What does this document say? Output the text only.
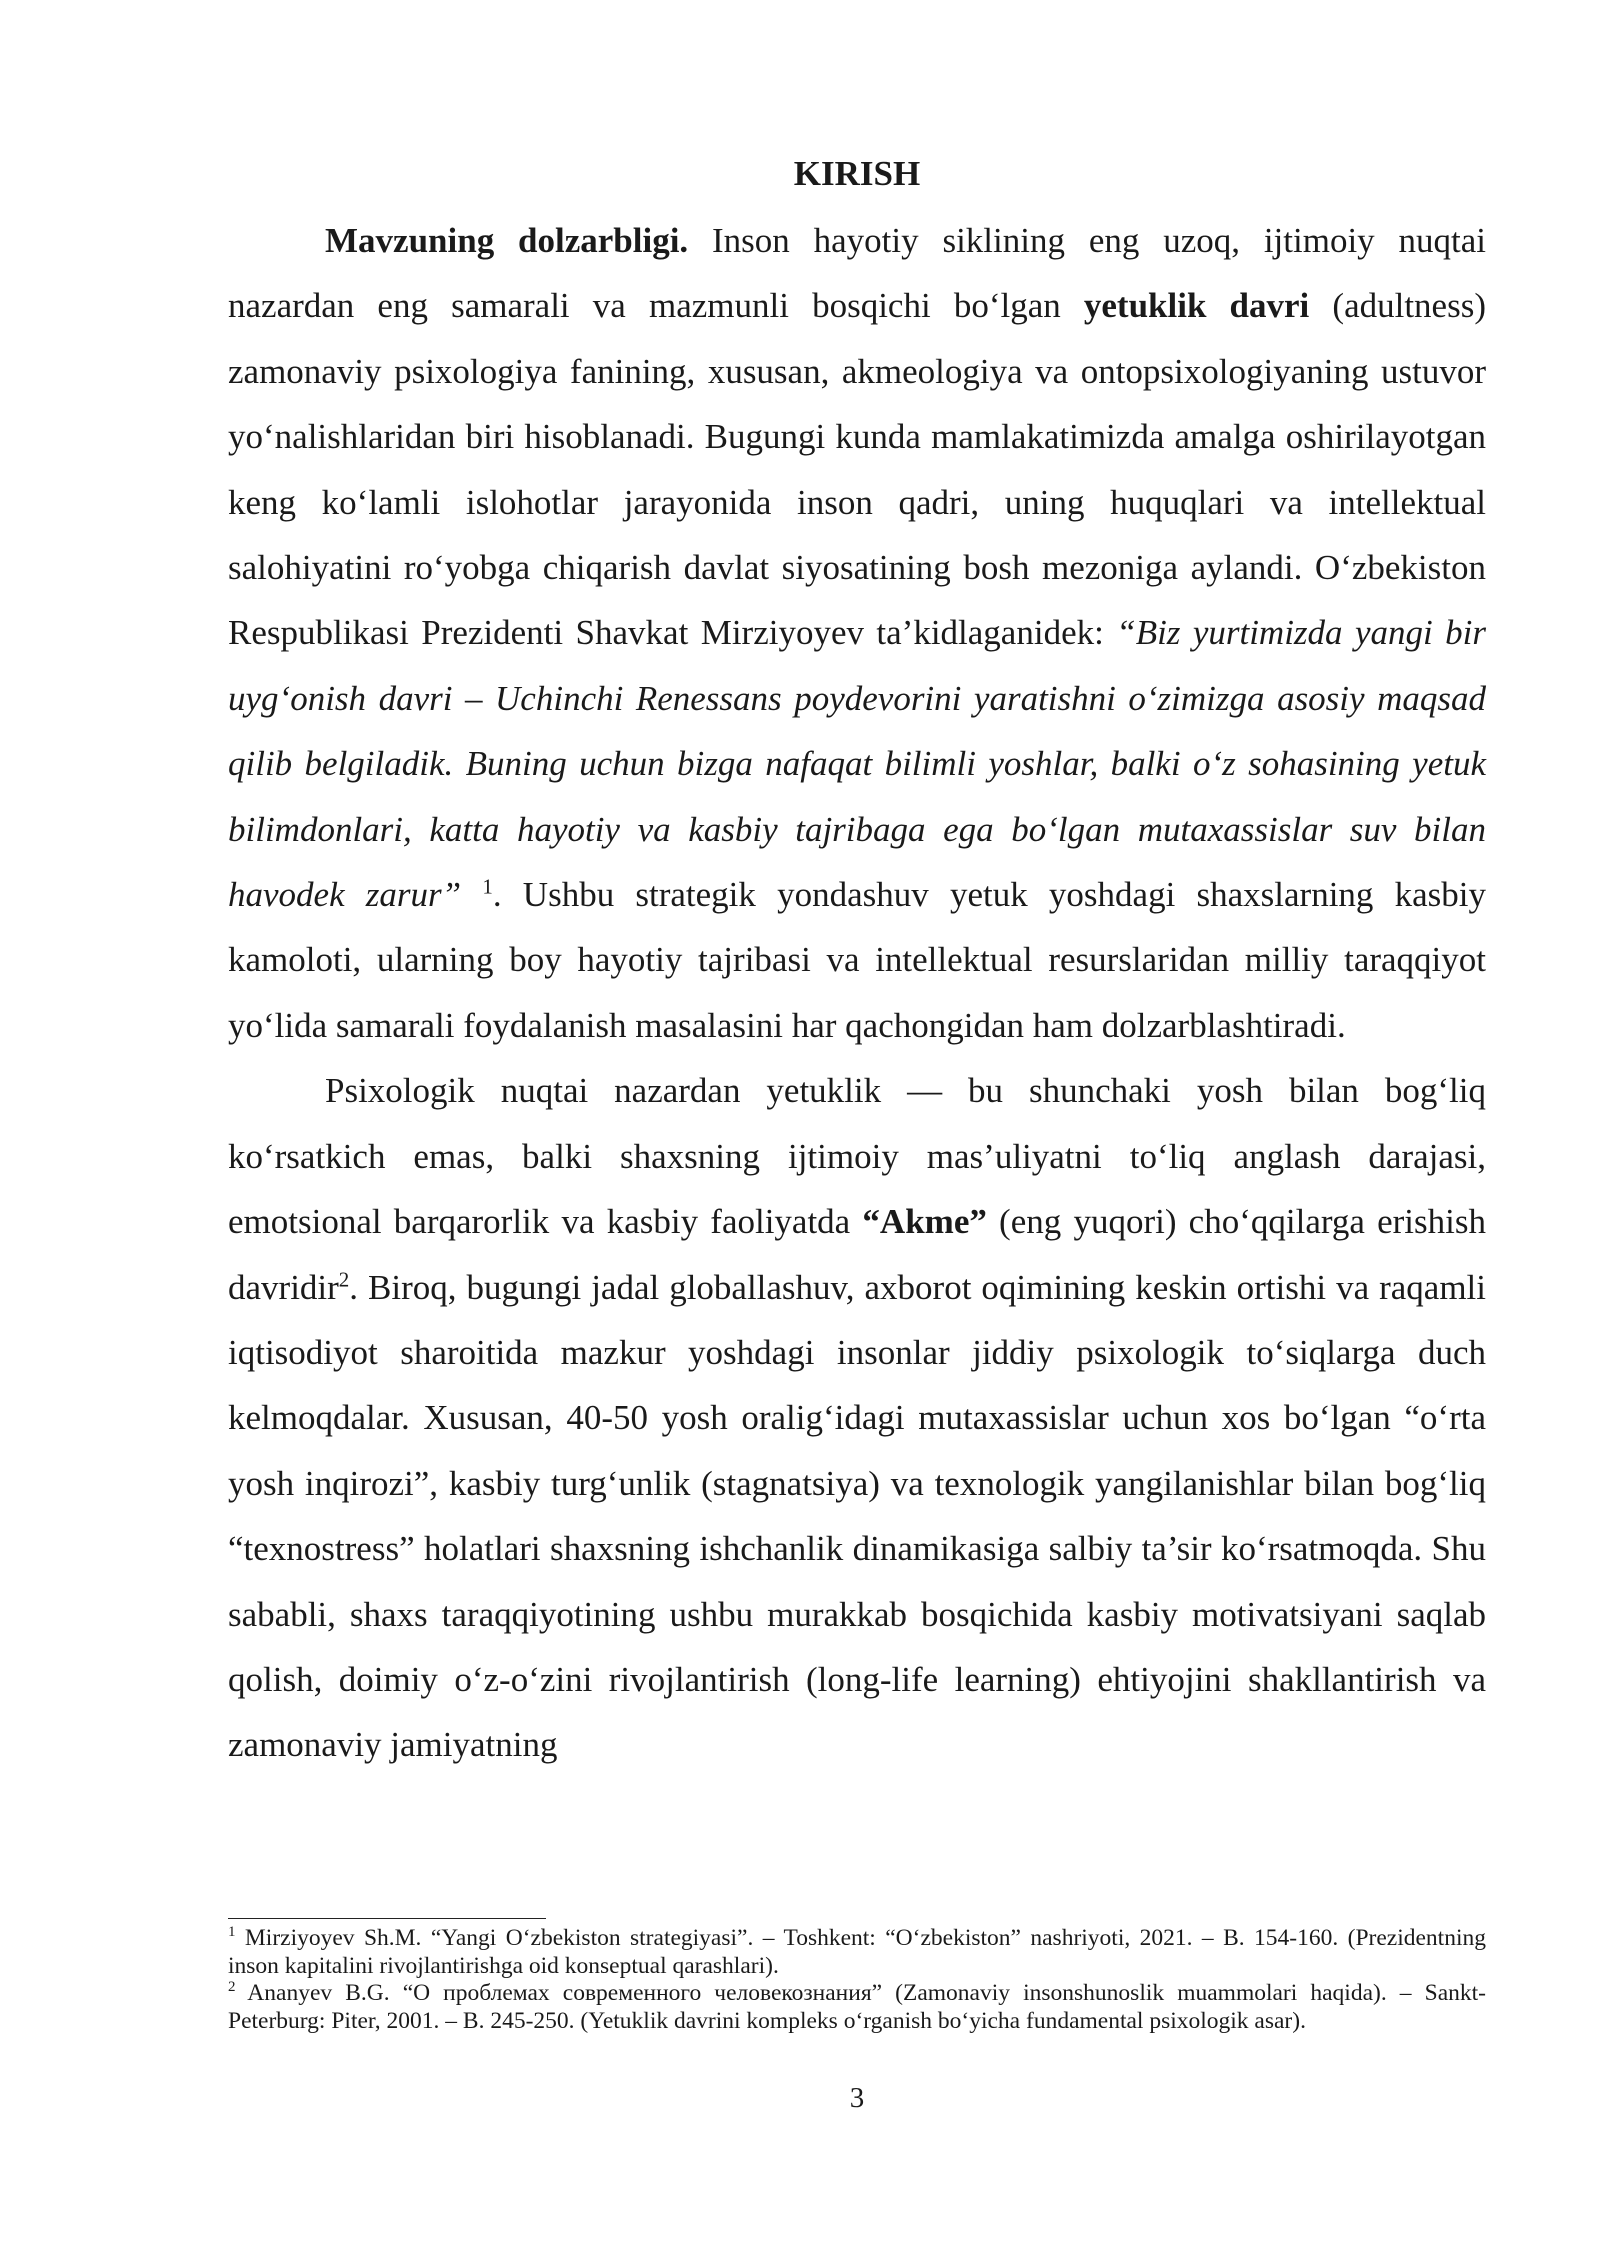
KIRISH

Mavzuning dolzarbligi. Inson hayotiy siklining eng uzoq, ijtimoiy nuqtai nazardan eng samarali va mazmunli bosqichi bo‘lgan yetuklik davri (adultness) zamonaviy psixologiya fanining, xususan, akmeologiya va ontopsixologiyaning ustuvor yo‘nalishlaridan biri hisoblanadi. Bugungi kunda mamlakatimizda amalga oshirilayotgan keng ko‘lamli islohotlar jarayonida inson qadri, uning huquqlari va intellektual salohiyatini ro‘yobga chiqarish davlat siyosatining bosh mezoniga aylandi. O‘zbekiston Respublikasi Prezidenti Shavkat Mirziyoyev ta’kidlaganidek: “Biz yurtimizda yangi bir uyg‘onish davri – Uchinchi Renessans poydevorini yaratishni o‘zimizga asosiy maqsad qilib belgiladik. Buning uchun bizga nafaqat bilimli yoshlar, balki o‘z sohasining yetuk bilimdonlari, katta hayotiy va kasbiy tajribaga ega bo‘lgan mutaxassislar suv bilan havodek zarur” $^1$. Ushbu strategik yondashuv yetuk yoshdagi shaxslarning kasbiy kamoloti, ularning boy hayotiy tajribasi va intellektual resurslaridan milliy taraqqiyot yo‘lida samarali foydalanish masalasini har qachongidan ham dolzarblashtiradi.

Psixologik nuqtai nazardan yetuklik — bu shunchaki yosh bilan bog‘liq ko‘rsatkich emas, balki shaxsning ijtimoiy mas’uliyatni to‘liq anglash darajasi, emotsional barqarorlik va kasbiy faoliyatda “Akme” (eng yuqori) cho‘qqilarga erishish davridir$^2$. Biroq, bugungi jadal globallashuv, axborot oqimining keskin ortishi va raqamli iqtisodiyot sharoitida mazkur yoshdagi insonlar jiddiy psixologik to‘siqlarga duch kelmoqdalar. Xususan, 40-50 yosh oralig‘idagi mutaxassislar uchun xos bo‘lgan “o‘rta yosh inqirozi”, kasbiy turg‘unlik (stagnatsiya) va texnologik yangilanishlar bilan bog‘liq “texnostress” holatlari shaxsning ishchanlik dinamikasiga salbiy ta’sir ko‘rsatmoqda. Shu sababli, shaxs taraqqiyotining ushbu murakkab bosqichida kasbiy motivatsiyani saqlab qolish, doimiy o‘z-o‘zini rivojlantirish (long-life learning) ehtiyojini shakllantirish va zamonaviy jamiyatning

$^1$ Mirziyoyev Sh.M. “Yangi O‘zbekiston strategiyasi”. – Toshkent: “O‘zbekiston” nashriyoti, 2021. – B. 154-160. (Prezidentning inson kapitalini rivojlantirishga oid konseptual qarashlari).

$^2$ Ananyev B.G. “О проблемах современного человекознания” (Zamonaviy insonshunoslik muammolari haqida). – Sankt-Peterburg: Piter, 2001. – B. 245-250. (Yetuklik davrini kompleks o‘rganish bo‘yicha fundamental psixologik asar).

3
